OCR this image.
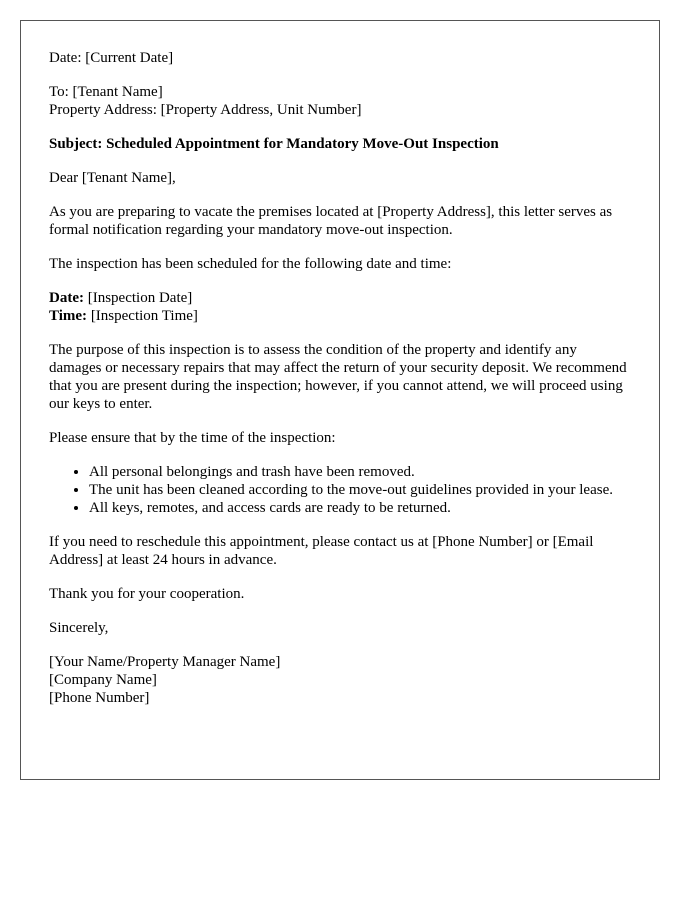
Date: [Current Date]

To: [Tenant Name]
Property Address: [Property Address, Unit Number]

Subject: Scheduled Appointment for Mandatory Move-Out Inspection

Dear [Tenant Name],

As you are preparing to vacate the premises located at [Property Address], this letter serves as formal notification regarding your mandatory move-out inspection.

The inspection has been scheduled for the following date and time:

Date: [Inspection Date]
Time: [Inspection Time]

The purpose of this inspection is to assess the condition of the property and identify any damages or necessary repairs that may affect the return of your security deposit. We recommend that you are present during the inspection; however, if you cannot attend, we will proceed using our keys to enter.

Please ensure that by the time of the inspection:

• All personal belongings and trash have been removed.
• The unit has been cleaned according to the move-out guidelines provided in your lease.
• All keys, remotes, and access cards are ready to be returned.

If you need to reschedule this appointment, please contact us at [Phone Number] or [Email Address] at least 24 hours in advance.

Thank you for your cooperation.

Sincerely,

[Your Name/Property Manager Name]
[Company Name]
[Phone Number]
